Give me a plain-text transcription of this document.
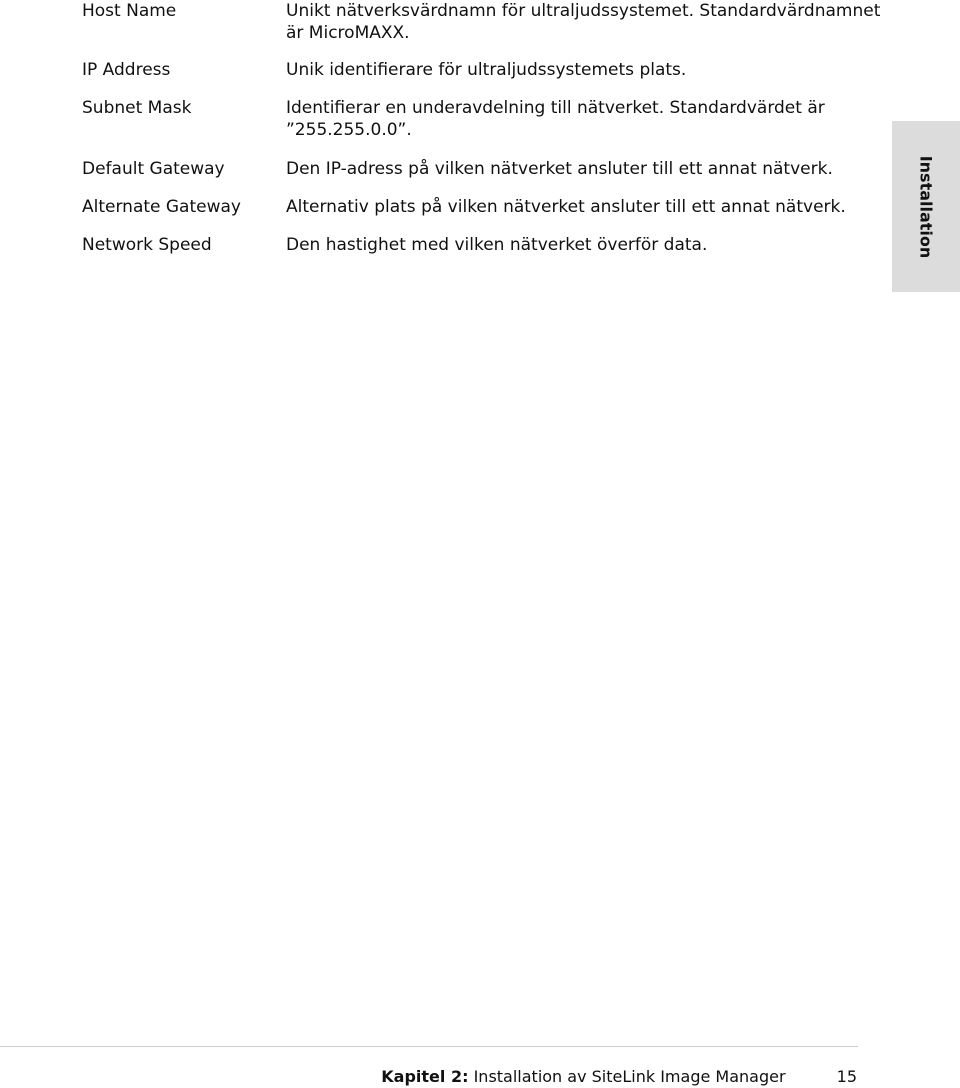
Host Name	Unikt nätverksvärdnamn för ultraljudssystemet. Standardvärdnamnet
är MicroMAXX.
IP Address	Unik identifierare för ultraljudssystemets plats.
Subnet Mask	Identifierar en underavdelning till nätverket. Standardvärdet är
”255.255.0.0”.
Default Gateway	Den IP-adress på vilken nätverket ansluter till ett annat nätverk.
Alternate Gateway	Alternativ plats på vilken nätverket ansluter till ett annat nätverk.
Network Speed	Den hastighet med vilken nätverket överför data.	Installation
Kapitel 2: Installation av SiteLink Image Manager	15
